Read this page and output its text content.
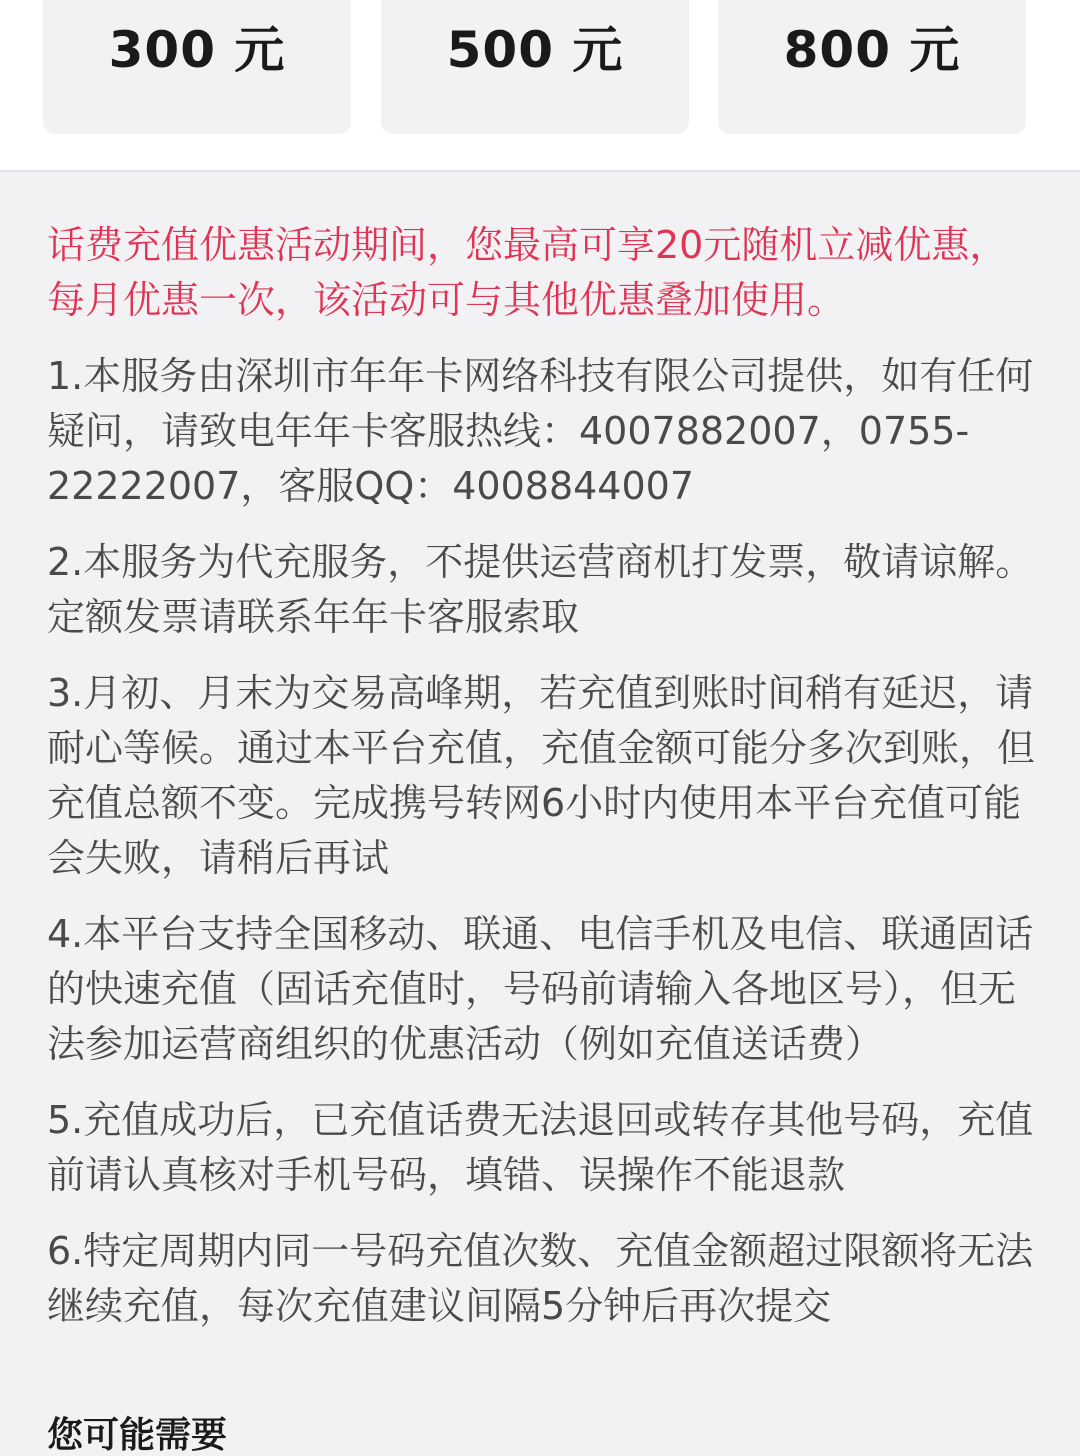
300 元	500 元	800 元

话费充值优惠活动期间，您最高可享20元随机立减优惠，每月优惠一次，该活动可与其他优惠叠加使用。

1.本服务由深圳市年年卡网络科技有限公司提供，如有任何疑问，请致电年年卡客服热线：4007882007，0755-22222007，客服QQ：4008844007

2.本服务为代充服务，不提供运营商机打发票，敬请谅解。定额发票请联系年年卡客服索取

3.月初、月末为交易高峰期，若充值到账时间稍有延迟，请耐心等候。通过本平台充值，充值金额可能分多次到账，但充值总额不变。完成携号转网6小时内使用本平台充值可能会失败，请稍后再试

4.本平台支持全国移动、联通、电信手机及电信、联通固话的快速充值（固话充值时，号码前请输入各地区号），但无法参加运营商组织的优惠活动（例如充值送话费）

5.充值成功后，已充值话费无法退回或转存其他号码，充值前请认真核对手机号码，填错、误操作不能退款

6.特定周期内同一号码充值次数、充值金额超过限额将无法继续充值，每次充值建议间隔5分钟后再次提交

您可能需要
